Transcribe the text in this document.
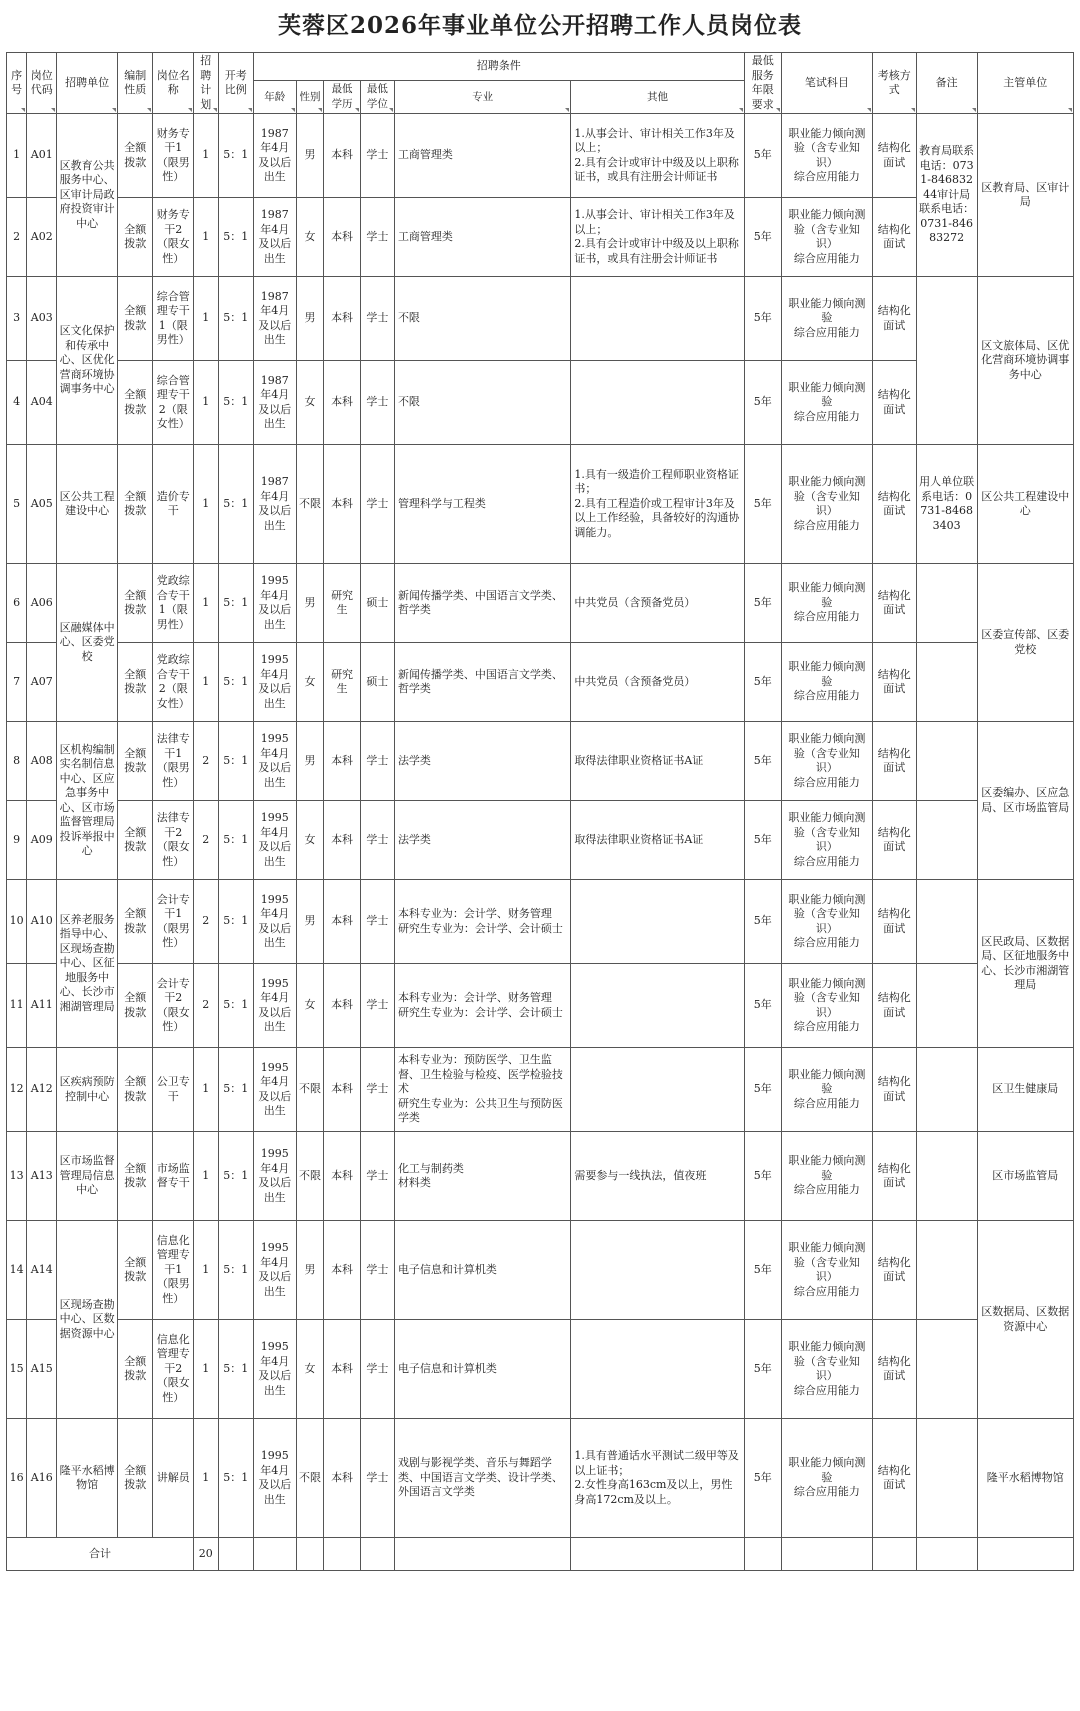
芙蓉区2026年事业单位公开招聘工作人员岗位表
序号	岗位代码	招聘单位	编制性质	岗位名称	招聘计划	开考比例	招聘条件						最低服务年限要求	笔试科目	考核方式	备注	主管单位

							年龄	性别	最低学历	最低学位	专业	其他					

1	A01	区教育公共服务中心、区审计局政府投资审计中心	全额拨款	财务专干1（限男性）	1	5：1	1987年4月及以后出生	男	本科	学士	工商管理类	1.从事会计、审计相关工作3年及以上；
2.具有会计或审计中级及以上职称证书，或具有注册会计师证书	5年	职业能力倾向测验（含专业知识）
综合应用能力	结构化面试	教育局联系电话：0731-84683244审计局联系电话：0731-84683272	区教育局、区审计局
2	A02		全额拨款	财务专干2（限女性）	1	5：1	1987年4月及以后出生	女	本科	学士	工商管理类	1.从事会计、审计相关工作3年及以上；
2.具有会计或审计中级及以上职称证书，或具有注册会计师证书	5年	职业能力倾向测验（含专业知识）
综合应用能力	结构化面试		
3	A03	区文化保护和传承中心、区优化营商环境协调事务中心	全额拨款	综合管理专干1（限男性）	1	5：1	1987年4月及以后出生	男	本科	学士	不限		5年	职业能力倾向测验
综合应用能力	结构化面试		区文旅体局、区优化营商环境协调事务中心
4	A04		全额拨款	综合管理专干2（限女性）	1	5：1	1987年4月及以后出生	女	本科	学士	不限		5年	职业能力倾向测验
综合应用能力	结构化面试		
5	A05	区公共工程建设中心	全额拨款	造价专干	1	5：1	1987年4月及以后出生	不限	本科	学士	管理科学与工程类	1.具有一级造价工程师职业资格证书；
2.具有工程造价或工程审计3年及以上工作经验，具备较好的沟通协调能力。	5年	职业能力倾向测验（含专业知识）
综合应用能力	结构化面试	用人单位联系电话：0731-84683403	区公共工程建设中心
6	A06	区融媒体中心、区委党校	全额拨款	党政综合专干1（限男性）	1	5：1	1995年4月及以后出生	男	研究生	硕士	新闻传播学类、中国语言文学类、哲学类	中共党员（含预备党员）	5年	职业能力倾向测验
综合应用能力	结构化面试		区委宣传部、区委党校
7	A07		全额拨款	党政综合专干2（限女性）	1	5：1	1995年4月及以后出生	女	研究生	硕士	新闻传播学类、中国语言文学类、哲学类	中共党员（含预备党员）	5年	职业能力倾向测验
综合应用能力	结构化面试		
8	A08	区机构编制实名制信息中心、区应急事务中心、区市场监督管理局投诉举报中心	全额拨款	法律专干1（限男性）	2	5：1	1995年4月及以后出生	男	本科	学士	法学类	取得法律职业资格证书A证	5年	职业能力倾向测验（含专业知识）
综合应用能力	结构化面试		区委编办、区应急局、区市场监管局
9	A09		全额拨款	法律专干2（限女性）	2	5：1	1995年4月及以后出生	女	本科	学士	法学类	取得法律职业资格证书A证	5年	职业能力倾向测验（含专业知识）
综合应用能力	结构化面试		
10	A10	区养老服务指导中心、区现场查勘中心、区征地服务中心、长沙市湘湖管理局	全额拨款	会计专干1（限男性）	2	5：1	1995年4月及以后出生	男	本科	学士	本科专业为：会计学、财务管理
研究生专业为：会计学、会计硕士		5年	职业能力倾向测验（含专业知识）
综合应用能力	结构化面试		区民政局、区数据局、区征地服务中心、长沙市湘湖管理局
11	A11		全额拨款	会计专干2（限女性）	2	5：1	1995年4月及以后出生	女	本科	学士	本科专业为：会计学、财务管理
研究生专业为：会计学、会计硕士		5年	职业能力倾向测验（含专业知识）
综合应用能力	结构化面试		
12	A12	区疾病预防控制中心	全额拨款	公卫专干	1	5：1	1995年4月及以后出生	不限	本科	学士	本科专业为：预防医学、卫生监督、卫生检验与检疫、医学检验技术
研究生专业为：公共卫生与预防医学类		5年	职业能力倾向测验
综合应用能力	结构化面试		区卫生健康局
13	A13	区市场监督管理局信息中心	全额拨款	市场监督专干	1	5：1	1995年4月及以后出生	不限	本科	学士	化工与制药类
材料类	需要参与一线执法，值夜班	5年	职业能力倾向测验
综合应用能力	结构化面试		区市场监管局
14	A14	区现场查勘中心、区数据资源中心	全额拨款	信息化管理专干1（限男性）	1	5：1	1995年4月及以后出生	男	本科	学士	电子信息和计算机类		5年	职业能力倾向测验（含专业知识）
综合应用能力	结构化面试		区数据局、区数据资源中心
15	A15		全额拨款	信息化管理专干2（限女性）	1	5：1	1995年4月及以后出生	女	本科	学士	电子信息和计算机类		5年	职业能力倾向测验（含专业知识）
综合应用能力	结构化面试		
16	A16	隆平水稻博物馆	全额拨款	讲解员	1	5：1	1995年4月及以后出生	不限	本科	学士	戏剧与影视学类、音乐与舞蹈学类、中国语言文学类、设计学类、外国语言文学类	1.具有普通话水平测试二级甲等及以上证书；
2.女性身高163cm及以上，男性身高172cm及以上。	5年	职业能力倾向测验
综合应用能力	结构化面试		隆平水稻博物馆
合计					20												
